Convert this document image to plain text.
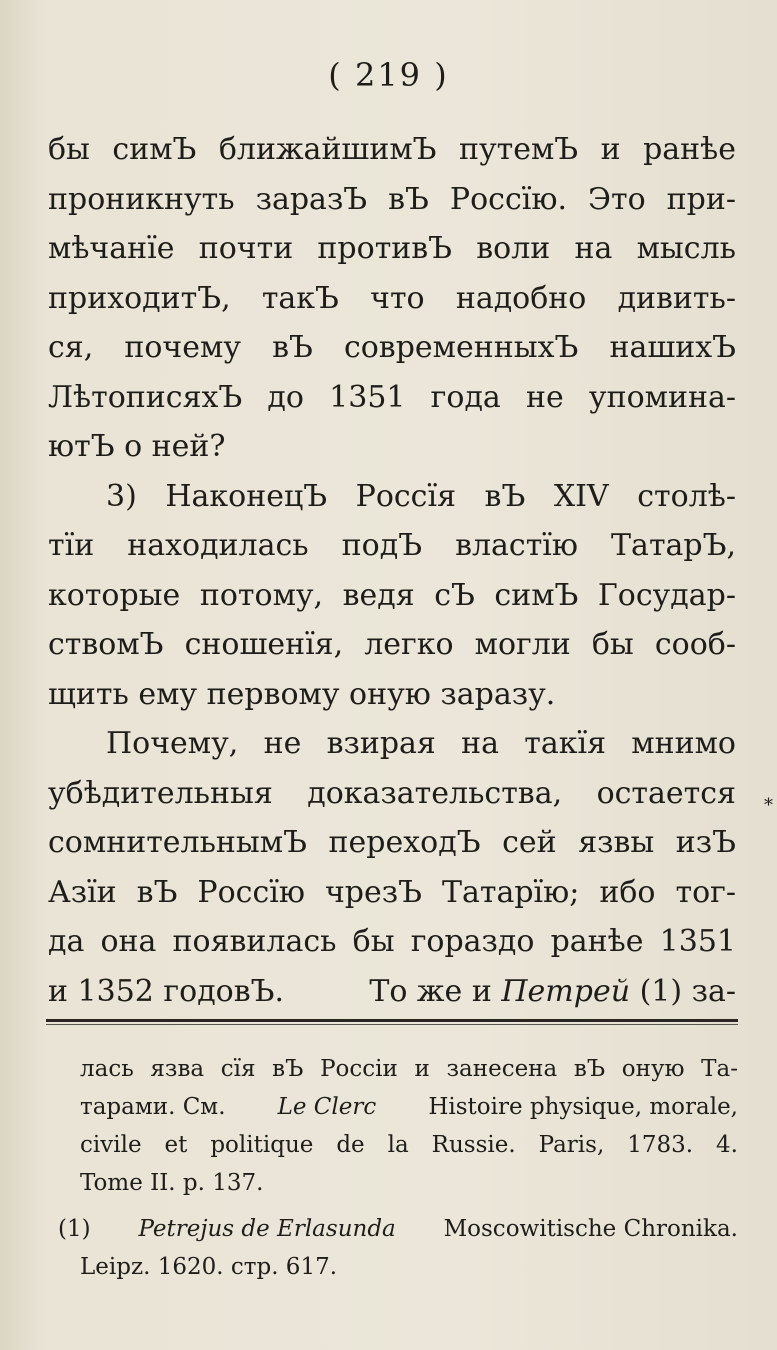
( 219 )
бы симЪ ближайшимЪ путемЪ и ранѣе
проникнуть заразЪ вЪ Россїю. Это при-
мѣчанїе почти противЪ воли на мысль
приходитЪ, такЪ что надобно дивить-
ся, почему вЪ современныхЪ нашихЪ
ЛѣтописяхЪ до 1351 года не упомина-
ютЪ о ней?
3) НаконецЪ Россїя вЪ XIV столѣ-
тїи находилась подЪ властїю ТатарЪ,
которые потому, ведя сЪ симЪ Государ-
ствомЪ сношенїя, легко могли бы сооб-
щить ему первому оную заразу.
Почему, не взирая на такїя мнимо
убѣдительныя доказательства, остается
сомнительнымЪ переходЪ сей язвы изЪ
Азїи вЪ Россїю чрезЪ Татарїю; ибо тог-
да она появилась бы гораздо ранѣе 1351
и 1352 годовЪ.	То же и Петрей (1) за-
*
лась язва сїя вЪ Россiи и занесена вЪ оную Та-
тарами. См. Le Clerc Histoire physique, morale,
civile et politique de la Russie. Paris, 1783. 4.
Tome II. p. 137.
(1) Petrejus de Erlasunda Moscowitische Chronika.
Leipz. 1620. стр. 617.
